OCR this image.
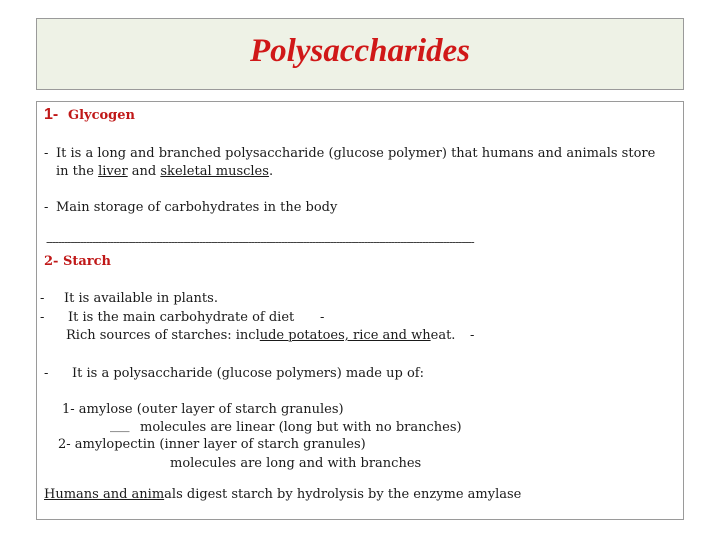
Polysaccharides
1- Glycogen
- It is a long and branched polysaccharide (glucose polymer) that humans and animals store
in the liver and skeletal muscles.
- Main storage of carbohydrates in the body
--------------------------------------------------------------------------------------------------------------------------------------------
2- Starch
- It is available in plants.
- It is the main carbohydrate of diet -
Rich sources of starches: include potatoes, rice and wheat. -
- It is a polysaccharide (glucose polymers) made up of:
1- amylose (outer layer of starch granules)
___ molecules are linear (long but with no branches)
2- amylopectin (inner layer of starch granules)
molecules are long and with branches
Humans and animals digest starch by hydrolysis by the enzyme amylase
